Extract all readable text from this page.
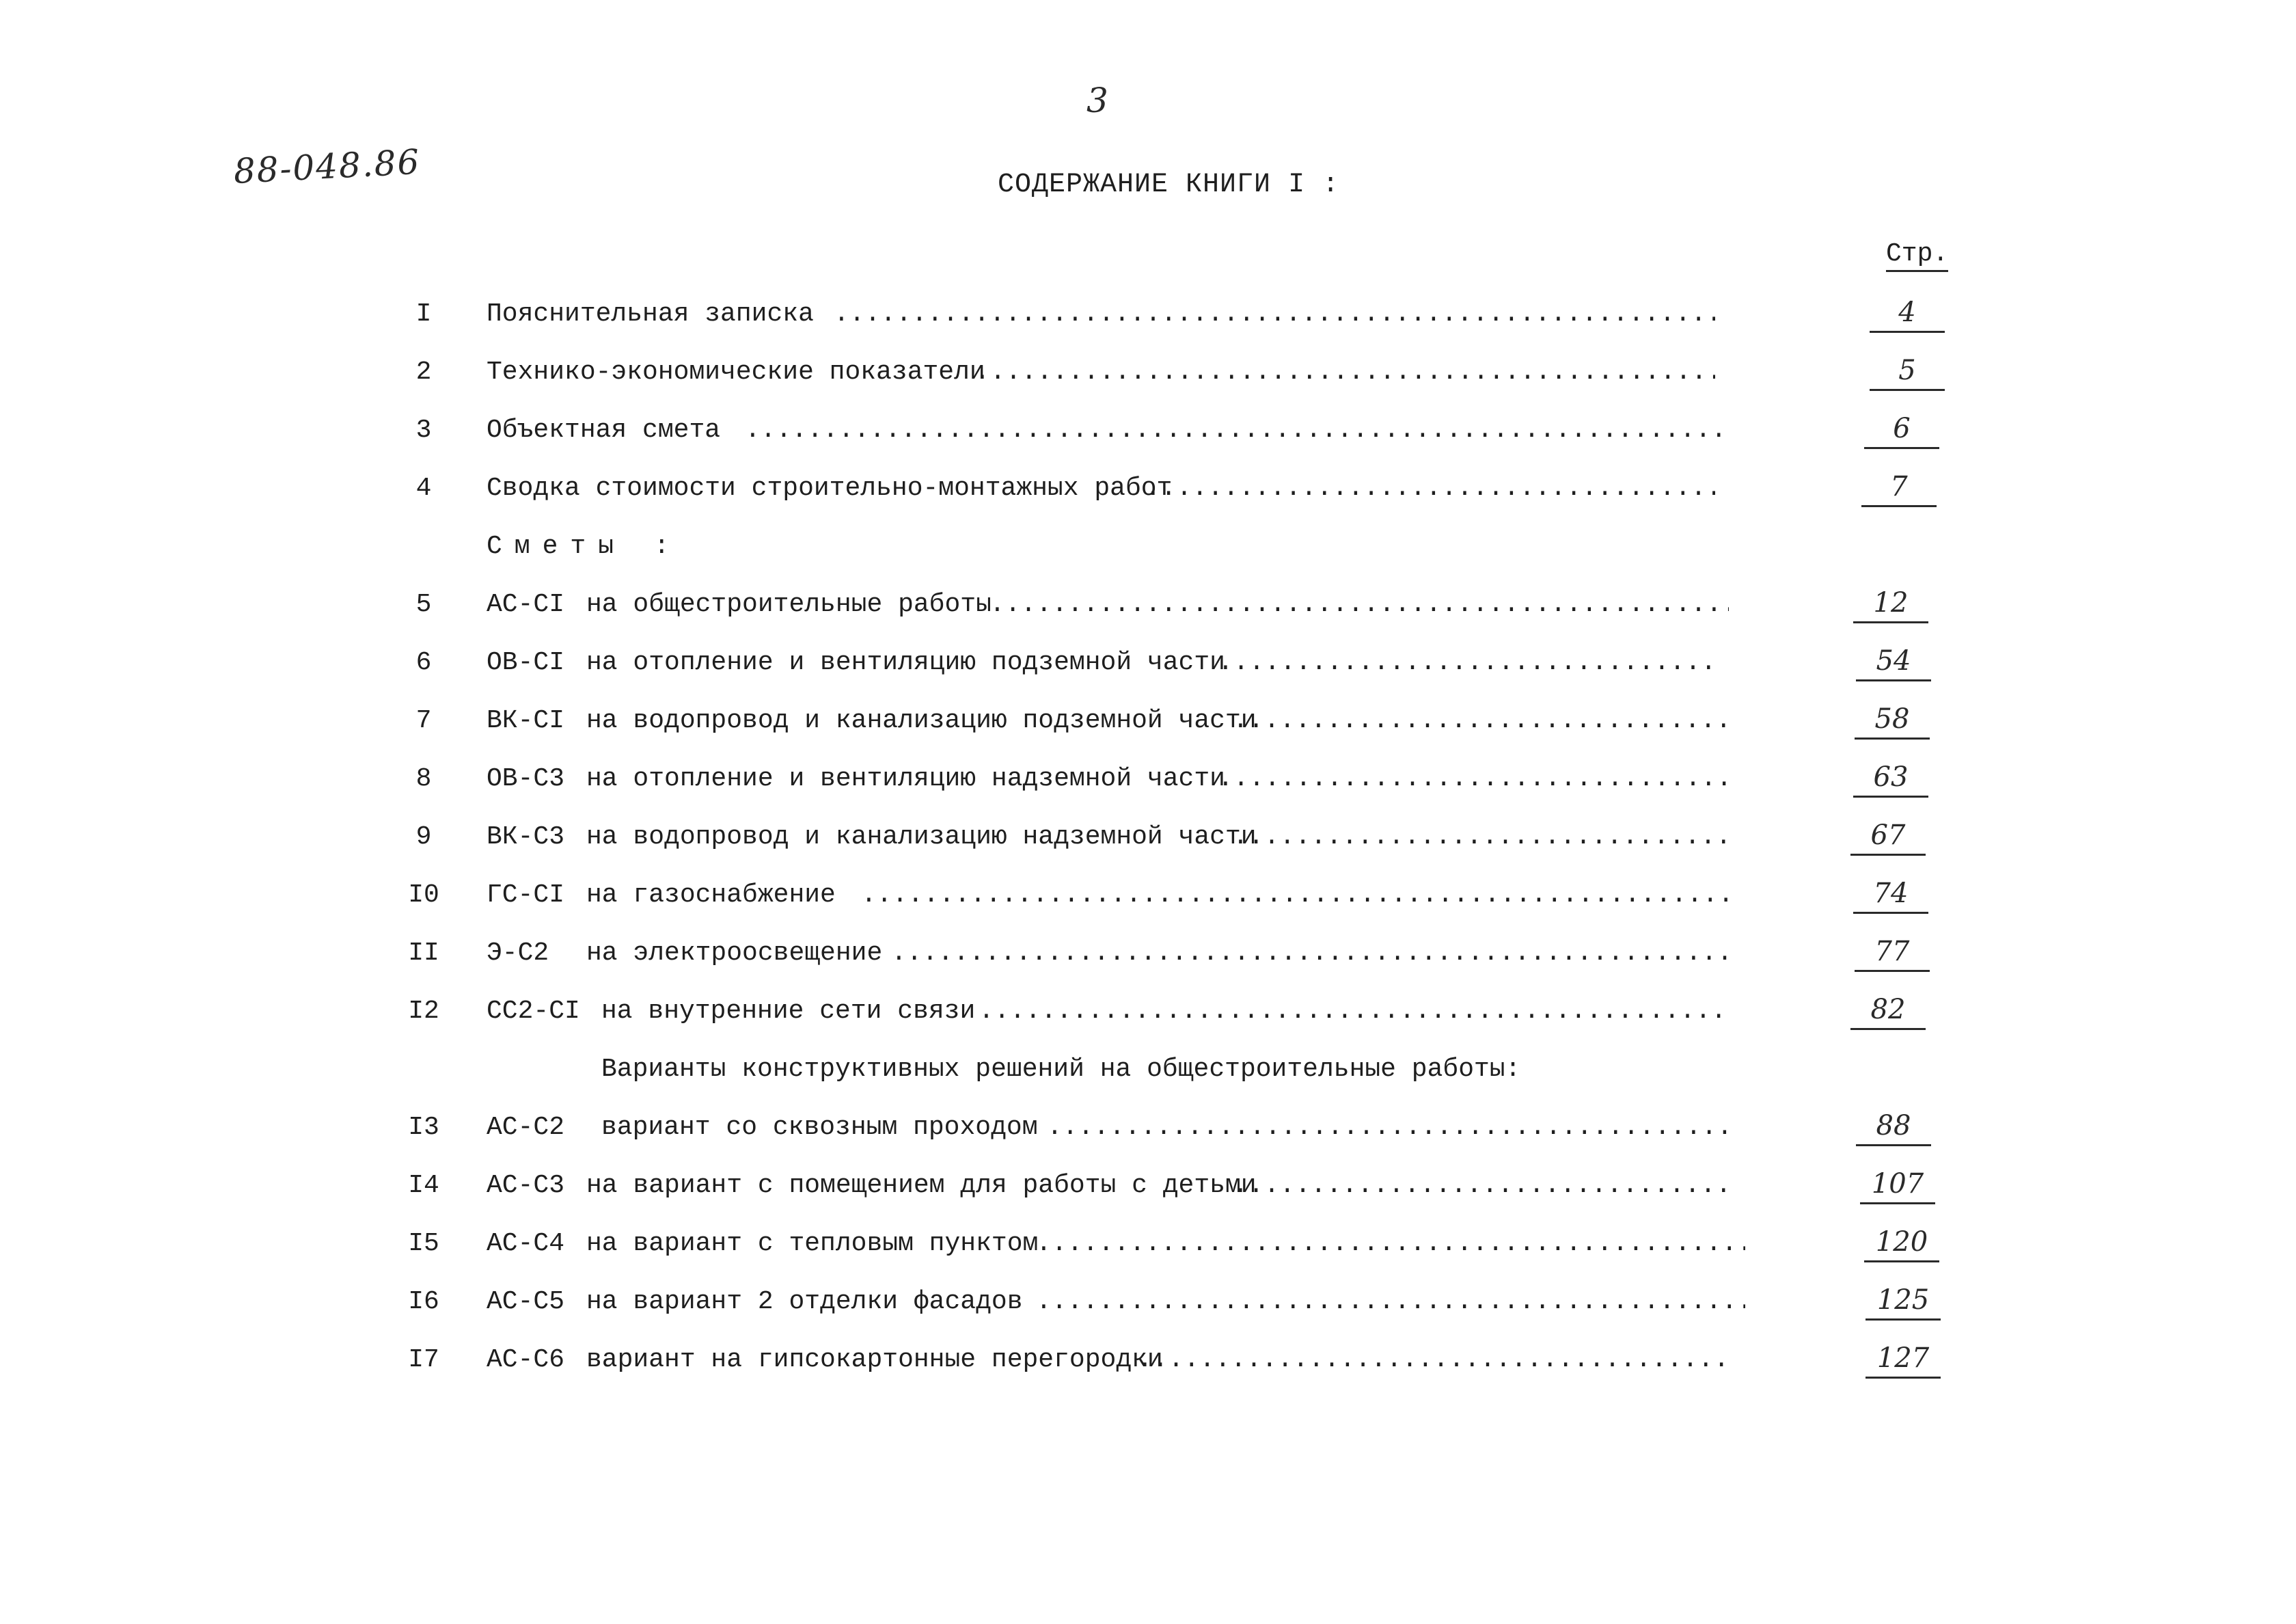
3
88-048.86	СОДЕРЖАНИЕ КНИГИ I :
Стр.
I	Пояснительная записка .....	4
2	Технико-экономические показатели .....	5
3	Объектная смета .....	6
4	Сводка стоимости строительно-монтажных работ .....	7
Сметы :
5	АС-СI на общестроительные работы .....	12
6	ОВ-СI на отопление и вентиляцию подземной части .....	54
7	ВК-СI на водопровод и канализацию подземной части .....	58
8	ОВ-С3 на отопление и вентиляцию надземной части .....	63
9	ВК-С3 на водопровод и канализацию надземной части .....	67
I0 ГС-СI на газоснабжение .....	74
II Э-С2 на электроосвещение .....	77
I2 СС2-СI на внутренние сети связи .....	82
Варианты конструктивных решений на общестроительные работы:
I3 АС-С2 вариант со сквозным проходом .....	88
I4 АС-С3 на вариант с помещением для работы с детьми .....	107
I5 АС-С4 на вариант с тепловым пунктом .....	120
I6 АС-С5 на вариант 2 отделки фасадов .....	125
I7 АС-С6 вариант на гипсокартонные перегородки .....	127
